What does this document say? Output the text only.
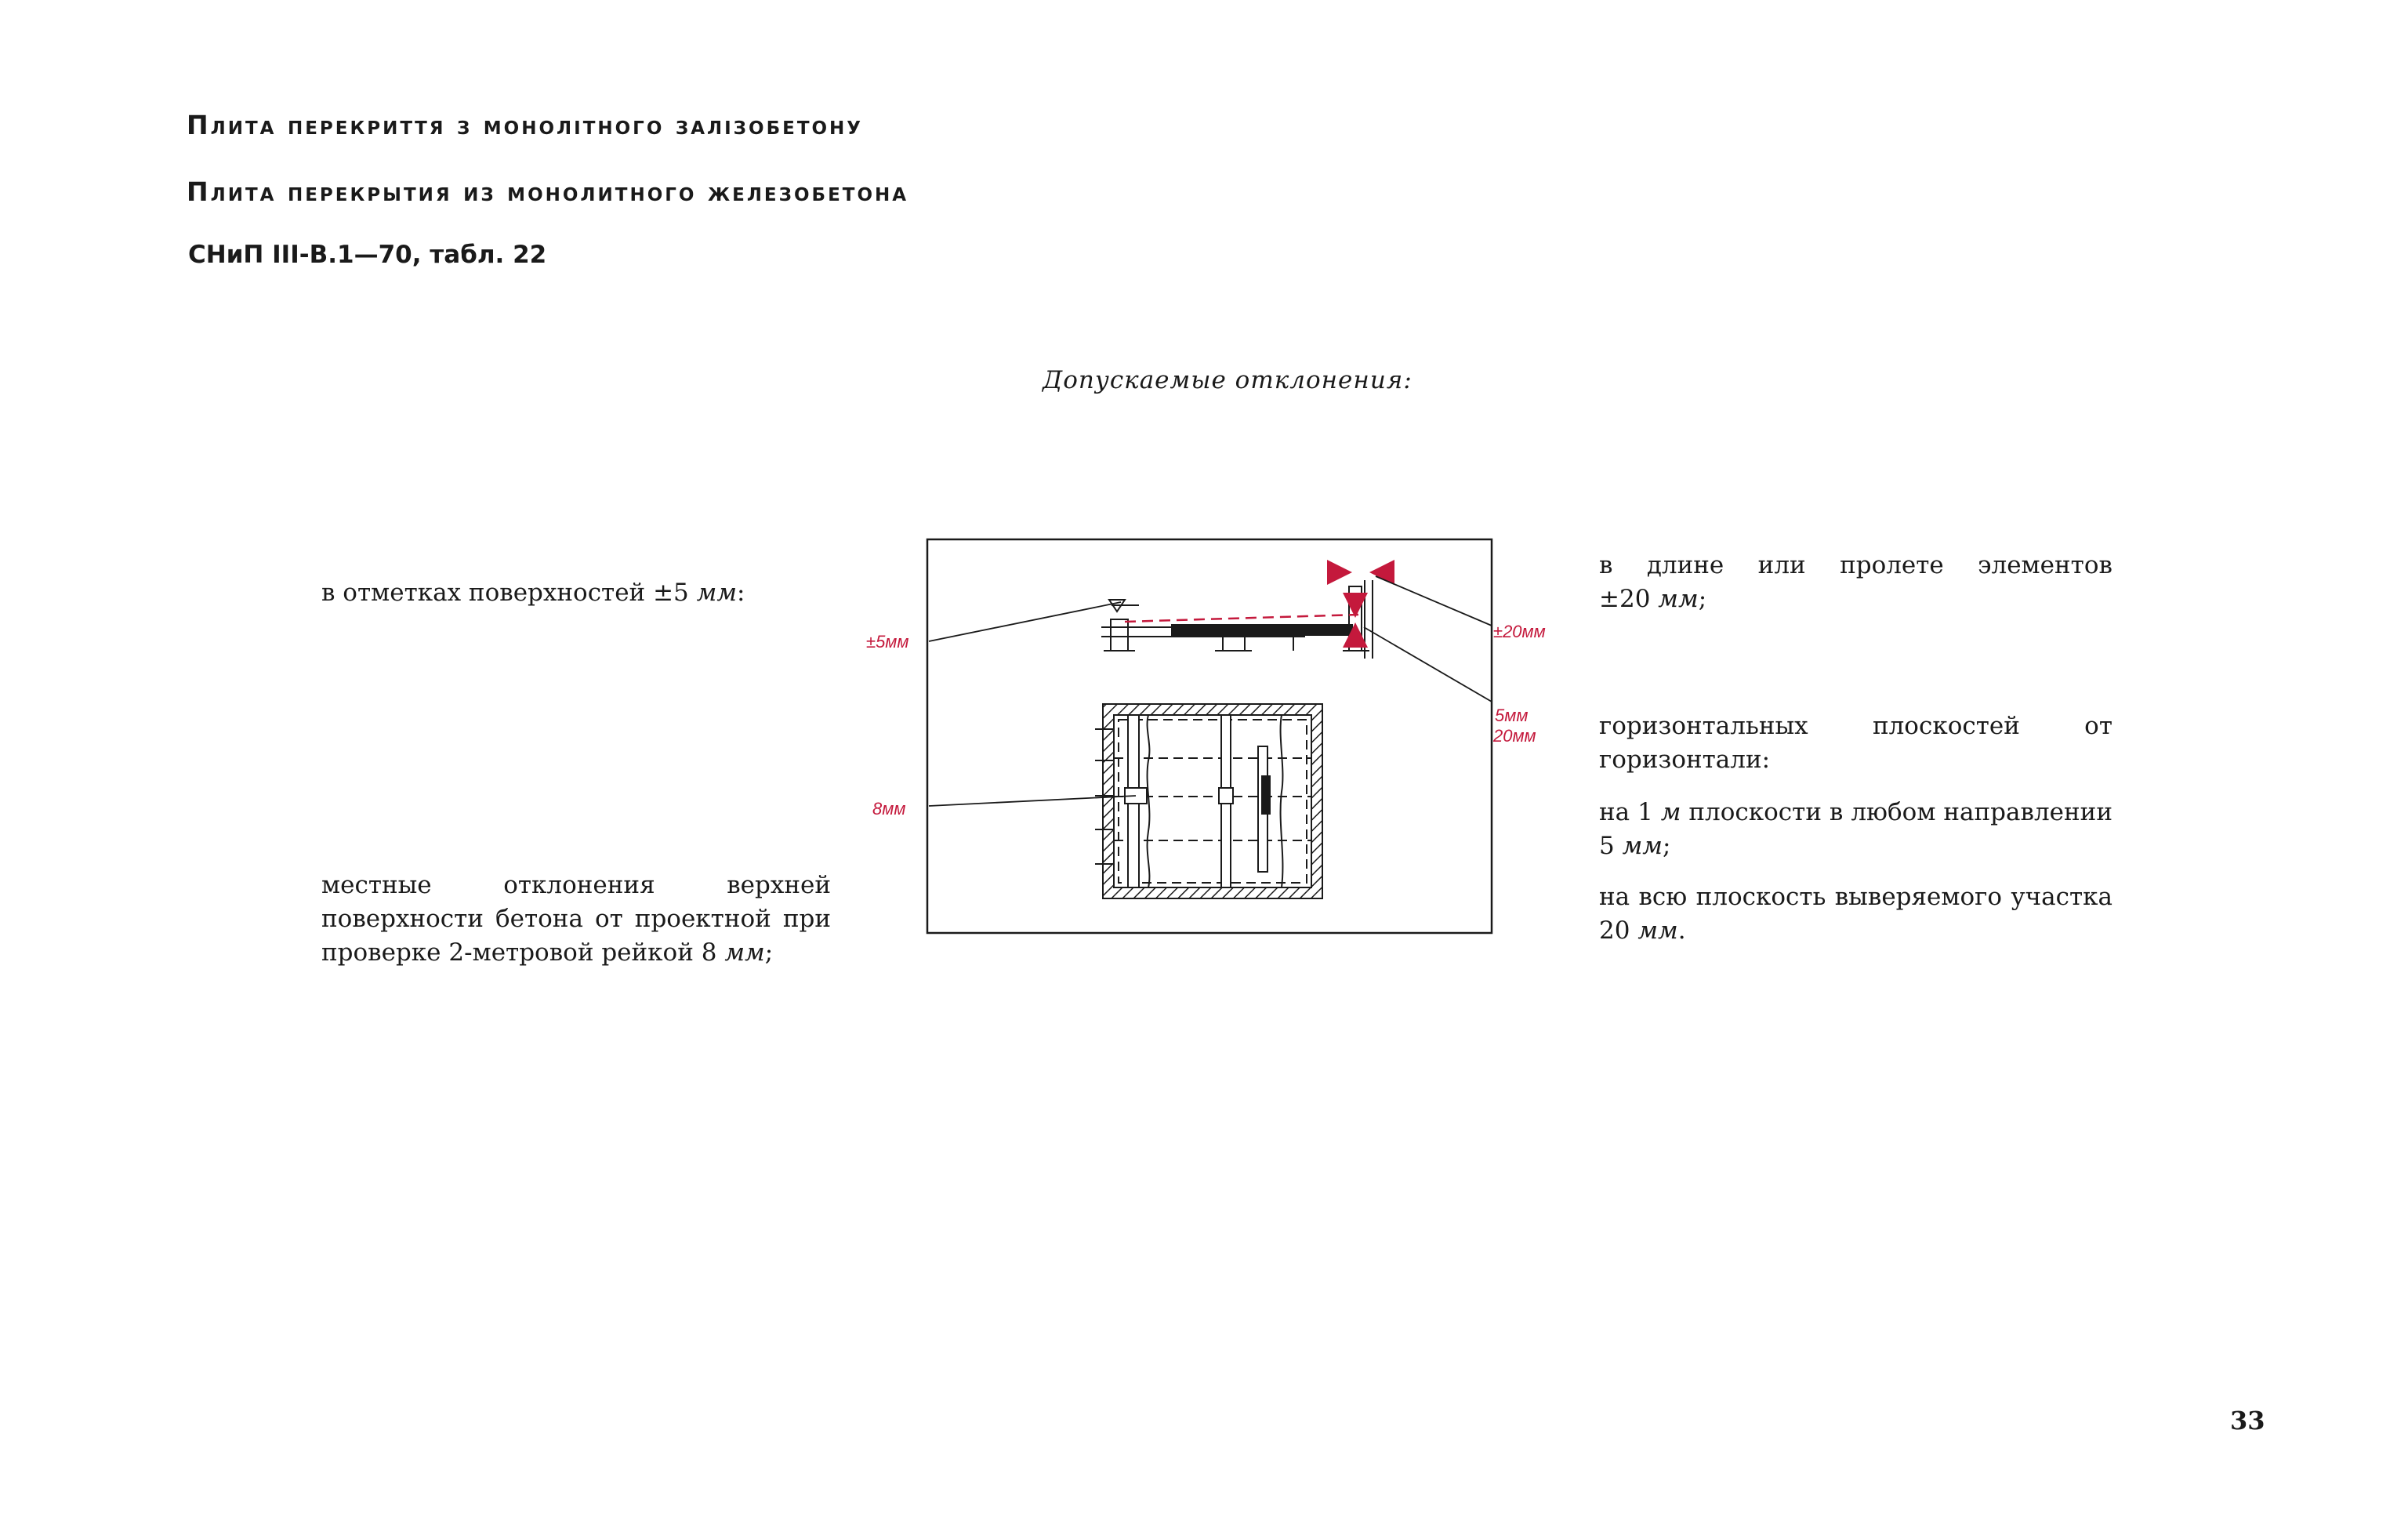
Плита перекриття з монолітного залізобетону
Плита перекрытия из монолитного железобетона

СНиП III-В.1—70, табл. 22

Допускаемые отклонения:

в отметках поверхностей ±5 мм:

местные отклонения верхней поверхности бетона от проектной при проверке 2-метровой рейкой 8 мм;

в длине или пролете элементов
±20 мм;

горизонтальных плоскостей от горизонтали:

на 1 м плоскости в любом направлении 5 мм;

на всю плоскость выверяемого участка 20 мм.

±5мм
8мм
±20мм
5мм
20мм
33
